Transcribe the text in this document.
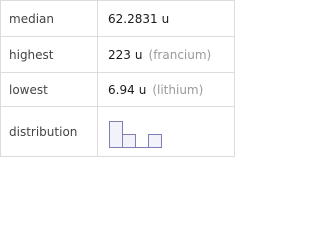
median	62.2831 u
highest	223 u (francium)
lowest	6.94 u (lithium)
distribution
